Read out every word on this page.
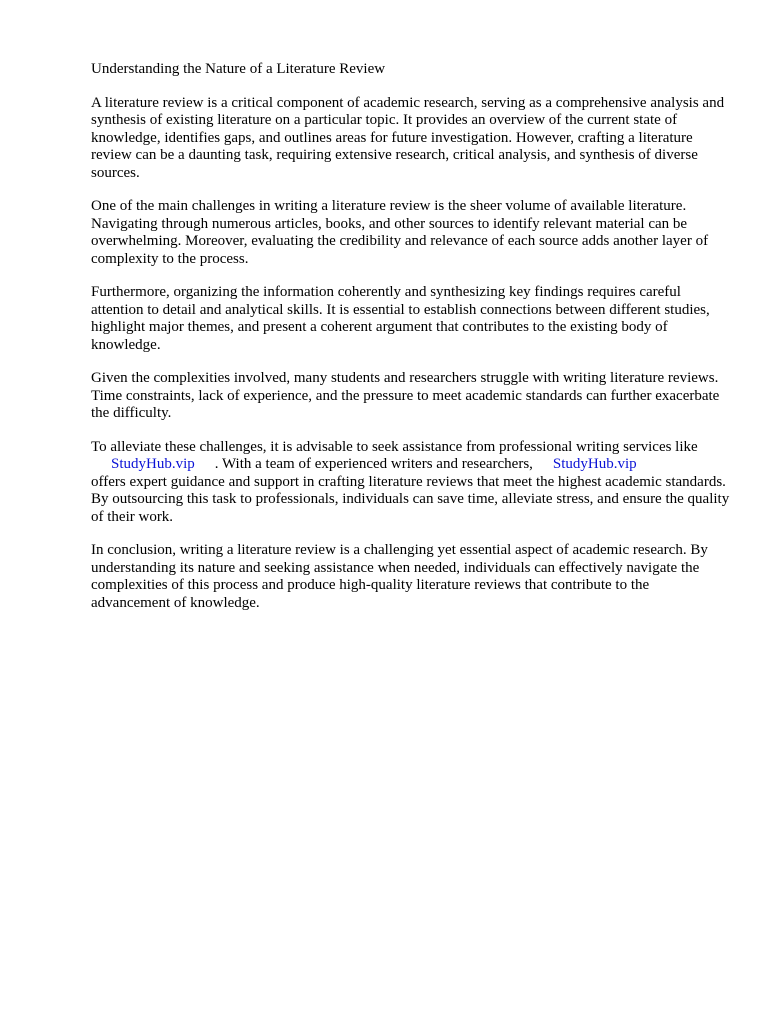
Understanding the Nature of a Literature Review

A literature review is a critical component of academic research, serving as a comprehensive analysis and synthesis of existing literature on a particular topic. It provides an overview of the current state of knowledge, identifies gaps, and outlines areas for future investigation. However, crafting a literature review can be a daunting task, requiring extensive research, critical analysis, and synthesis of diverse sources.

One of the main challenges in writing a literature review is the sheer volume of available literature. Navigating through numerous articles, books, and other sources to identify relevant material can be overwhelming. Moreover, evaluating the credibility and relevance of each source adds another layer of complexity to the process.

Furthermore, organizing the information coherently and synthesizing key findings requires careful attention to detail and analytical skills. It is essential to establish connections between different studies, highlight major themes, and present a coherent argument that contributes to the existing body of knowledge.

Given the complexities involved, many students and researchers struggle with writing literature reviews. Time constraints, lack of experience, and the pressure to meet academic standards can further exacerbate the difficulty.

To alleviate these challenges, it is advisable to seek assistance from professional writing services like
StudyHub.vip . With a team of experienced writers and researchers, StudyHub.vip
offers expert guidance and support in crafting literature reviews that meet the highest academic standards. By outsourcing this task to professionals, individuals can save time, alleviate stress, and ensure the quality of their work.

In conclusion, writing a literature review is a challenging yet essential aspect of academic research. By understanding its nature and seeking assistance when needed, individuals can effectively navigate the complexities of this process and produce high-quality literature reviews that contribute to the advancement of knowledge.
